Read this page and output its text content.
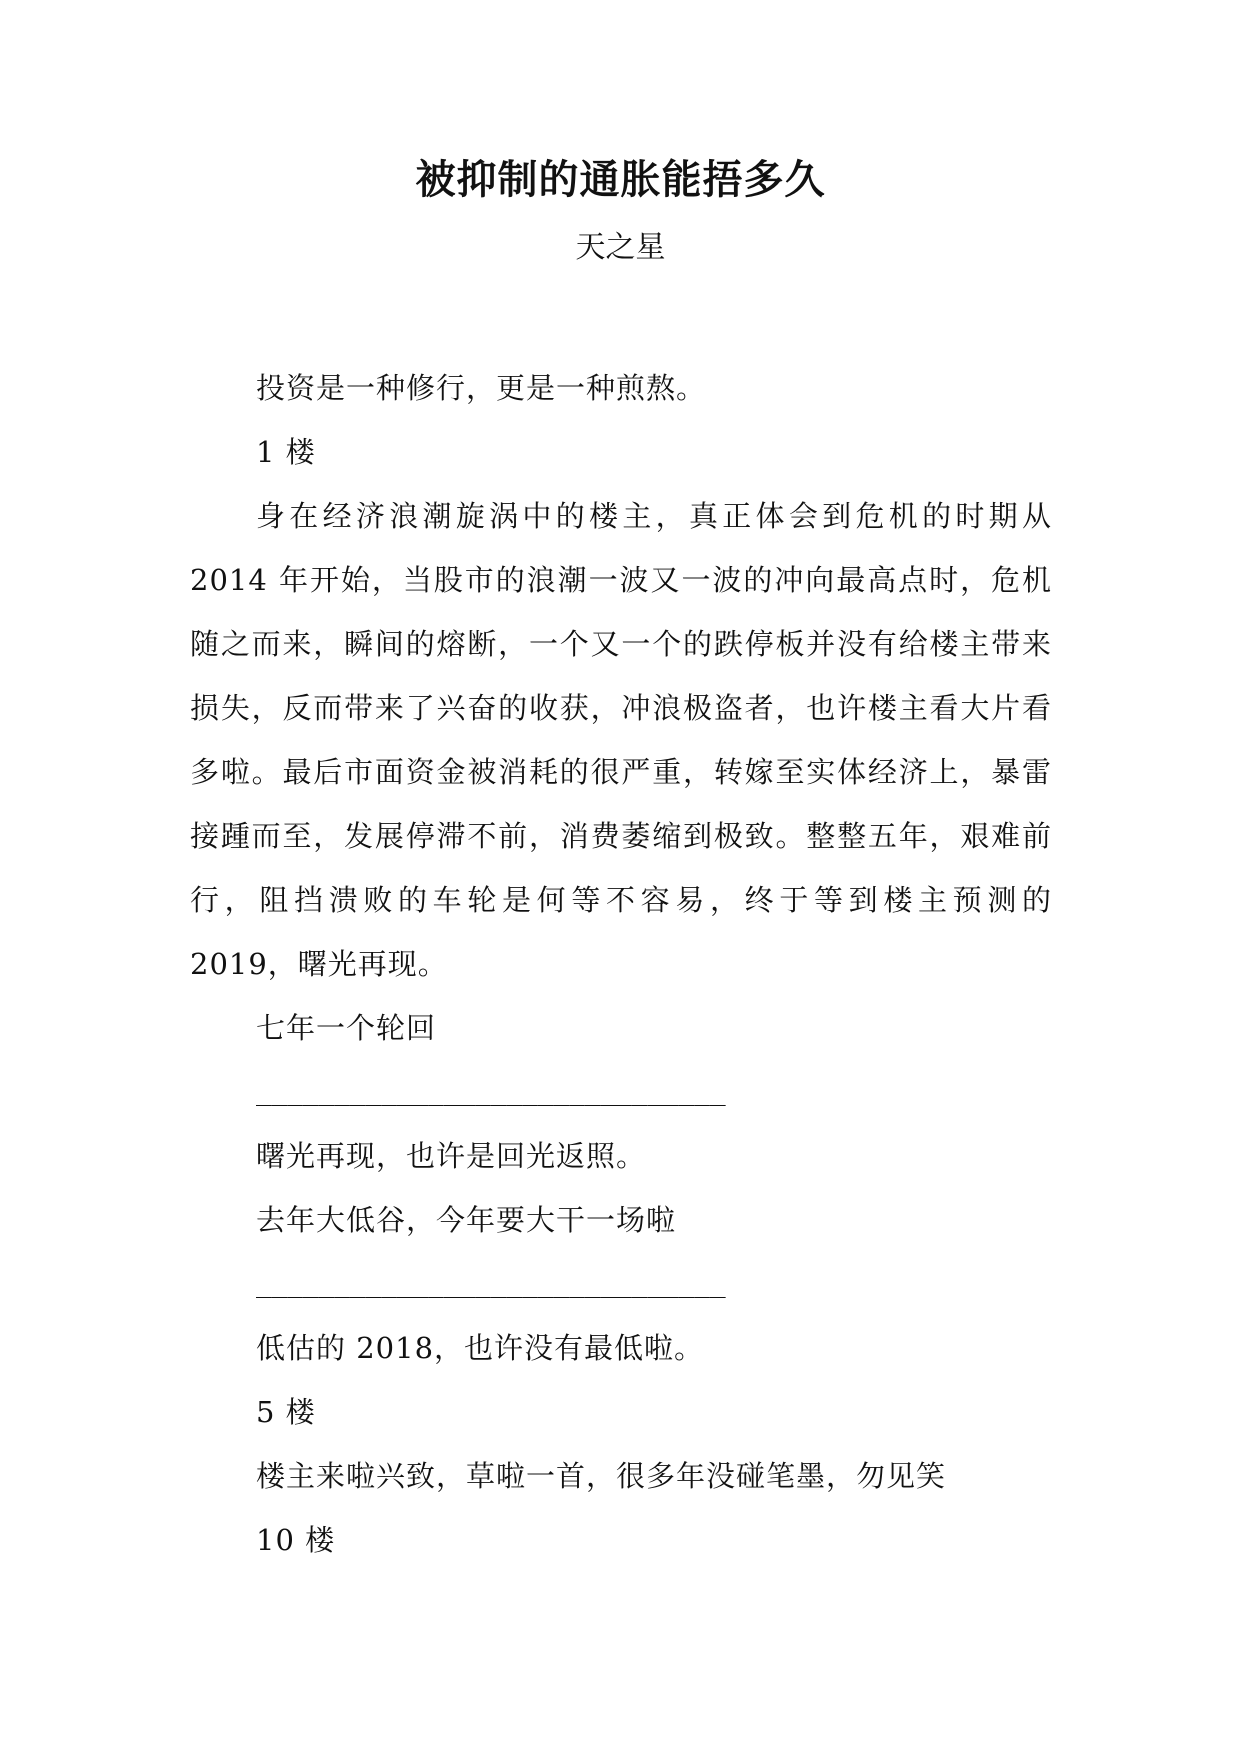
被抑制的通胀能捂多久

天之星

投资是一种修行，更是一种煎熬。

1 楼

身在经济浪潮旋涡中的楼主，真正体会到危机的时期从 2014 年开始，当股市的浪潮一波又一波的冲向最高点时，危机随之而来，瞬间的熔断，一个又一个的跌停板并没有给楼主带来损失，反而带来了兴奋的收获，冲浪极盗者，也许楼主看大片看多啦。最后市面资金被消耗的很严重，转嫁至实体经济上，暴雷接踵而至，发展停滞不前，消费萎缩到极致。整整五年，艰难前行，阻挡溃败的车轮是何等不容易，终于等到楼主预测的 2019，曙光再现。

七年一个轮回

______________________________

曙光再现，也许是回光返照。

去年大低谷，今年要大干一场啦

______________________________

低估的 2018，也许没有最低啦。

5 楼

楼主来啦兴致，草啦一首，很多年没碰笔墨，勿见笑

10 楼
